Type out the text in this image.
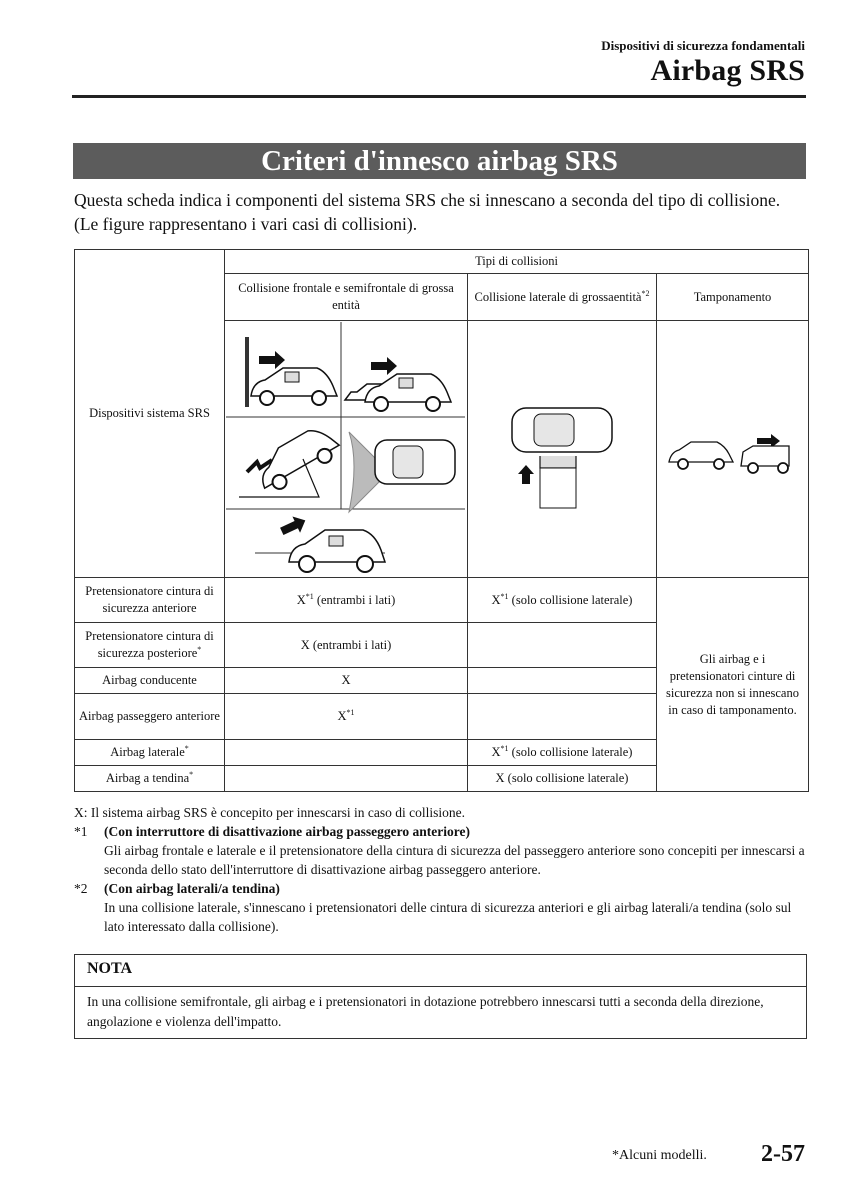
Dispositivi di sicurezza fondamentali
Airbag SRS
Criteri d'innesco airbag SRS

Questa scheda indica i componenti del sistema SRS che si innescano a seconda del tipo di collisione. (Le figure rappresentano i vari casi di collisioni).

Dispositivi sistema SRS	Tipi di collisioni		
	Collisione frontale e semifrontale di grossa entità	Collisione laterale di grossaentità$^{*2}$	Tamponamento

Pretensionatore cintura di sicurezza anteriore	$X^{*1}$ (entrambi i lati)	$X^{*1}$ (solo collisione laterale)	Gli airbag e i pretensionatori cinture di sicurezza non si innescano in caso di tamponamento.
Pretensionatore cintura di sicurezza posteriore*	X (entrambi i lati)		
Airbag conducente	X		
Airbag passeggero anteriore	$X^{*1}$	
Airbag laterale*		$X^{*1}$ (solo collisione laterale)	
Airbag a tendina*		X (solo collisione laterale)	
X: Il sistema airbag SRS è concepito per innescarsi in caso di collisione.
*1	(Con interruttore di disattivazione airbag passeggero anteriore)
Gli airbag frontale e laterale e il pretensionatore della cintura di sicurezza del passeggero anteriore sono concepiti per innescarsi a seconda dello stato dell'interruttore di disattivazione airbag passeggero anteriore.
*2	(Con airbag laterali/a tendina)
In una collisione laterale, s'innescano i pretensionatori delle cintura di sicurezza anteriori e gli airbag laterali/a tendina (solo sul lato interessato dalla collisione).
NOTA
In una collisione semifrontale, gli airbag e i pretensionatori in dotazione potrebbero innescarsi tutti a seconda della direzione, angolazione e violenza dell'impatto.
*Alcuni modelli. 2-57
